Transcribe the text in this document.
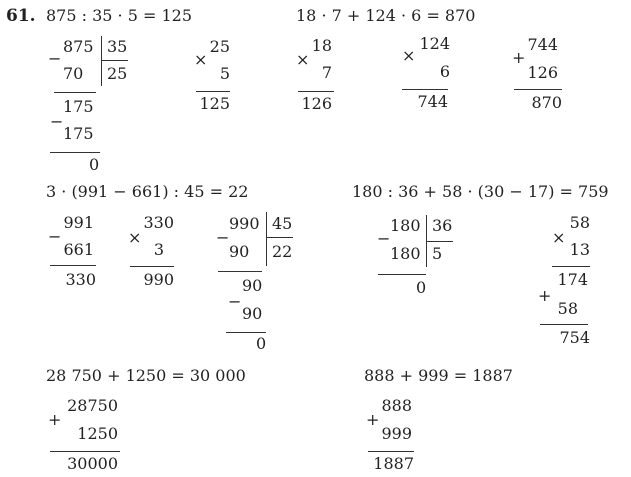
61. 875 : 35 · 5 = 125	18 · 7 + 124 · 6 = 870
3 · (991 − 661) : 45 = 22	180 : 36 + 58 · (30 − 17) = 759
28 750 + 1250 = 30 000	888 + 999 = 1887
−
875 35
70 25
175
−
175
0
×
25
5
125
×
18
7
126
×
124
6
744
+
744
126
870
−
991
661
330
×
330
3
990
−
990 45
90 22
90
−
90
0
−
180 36
180 5
0
×
58
13
174
+
58
754
+
28750
1250
30000
+
888
999
1887
